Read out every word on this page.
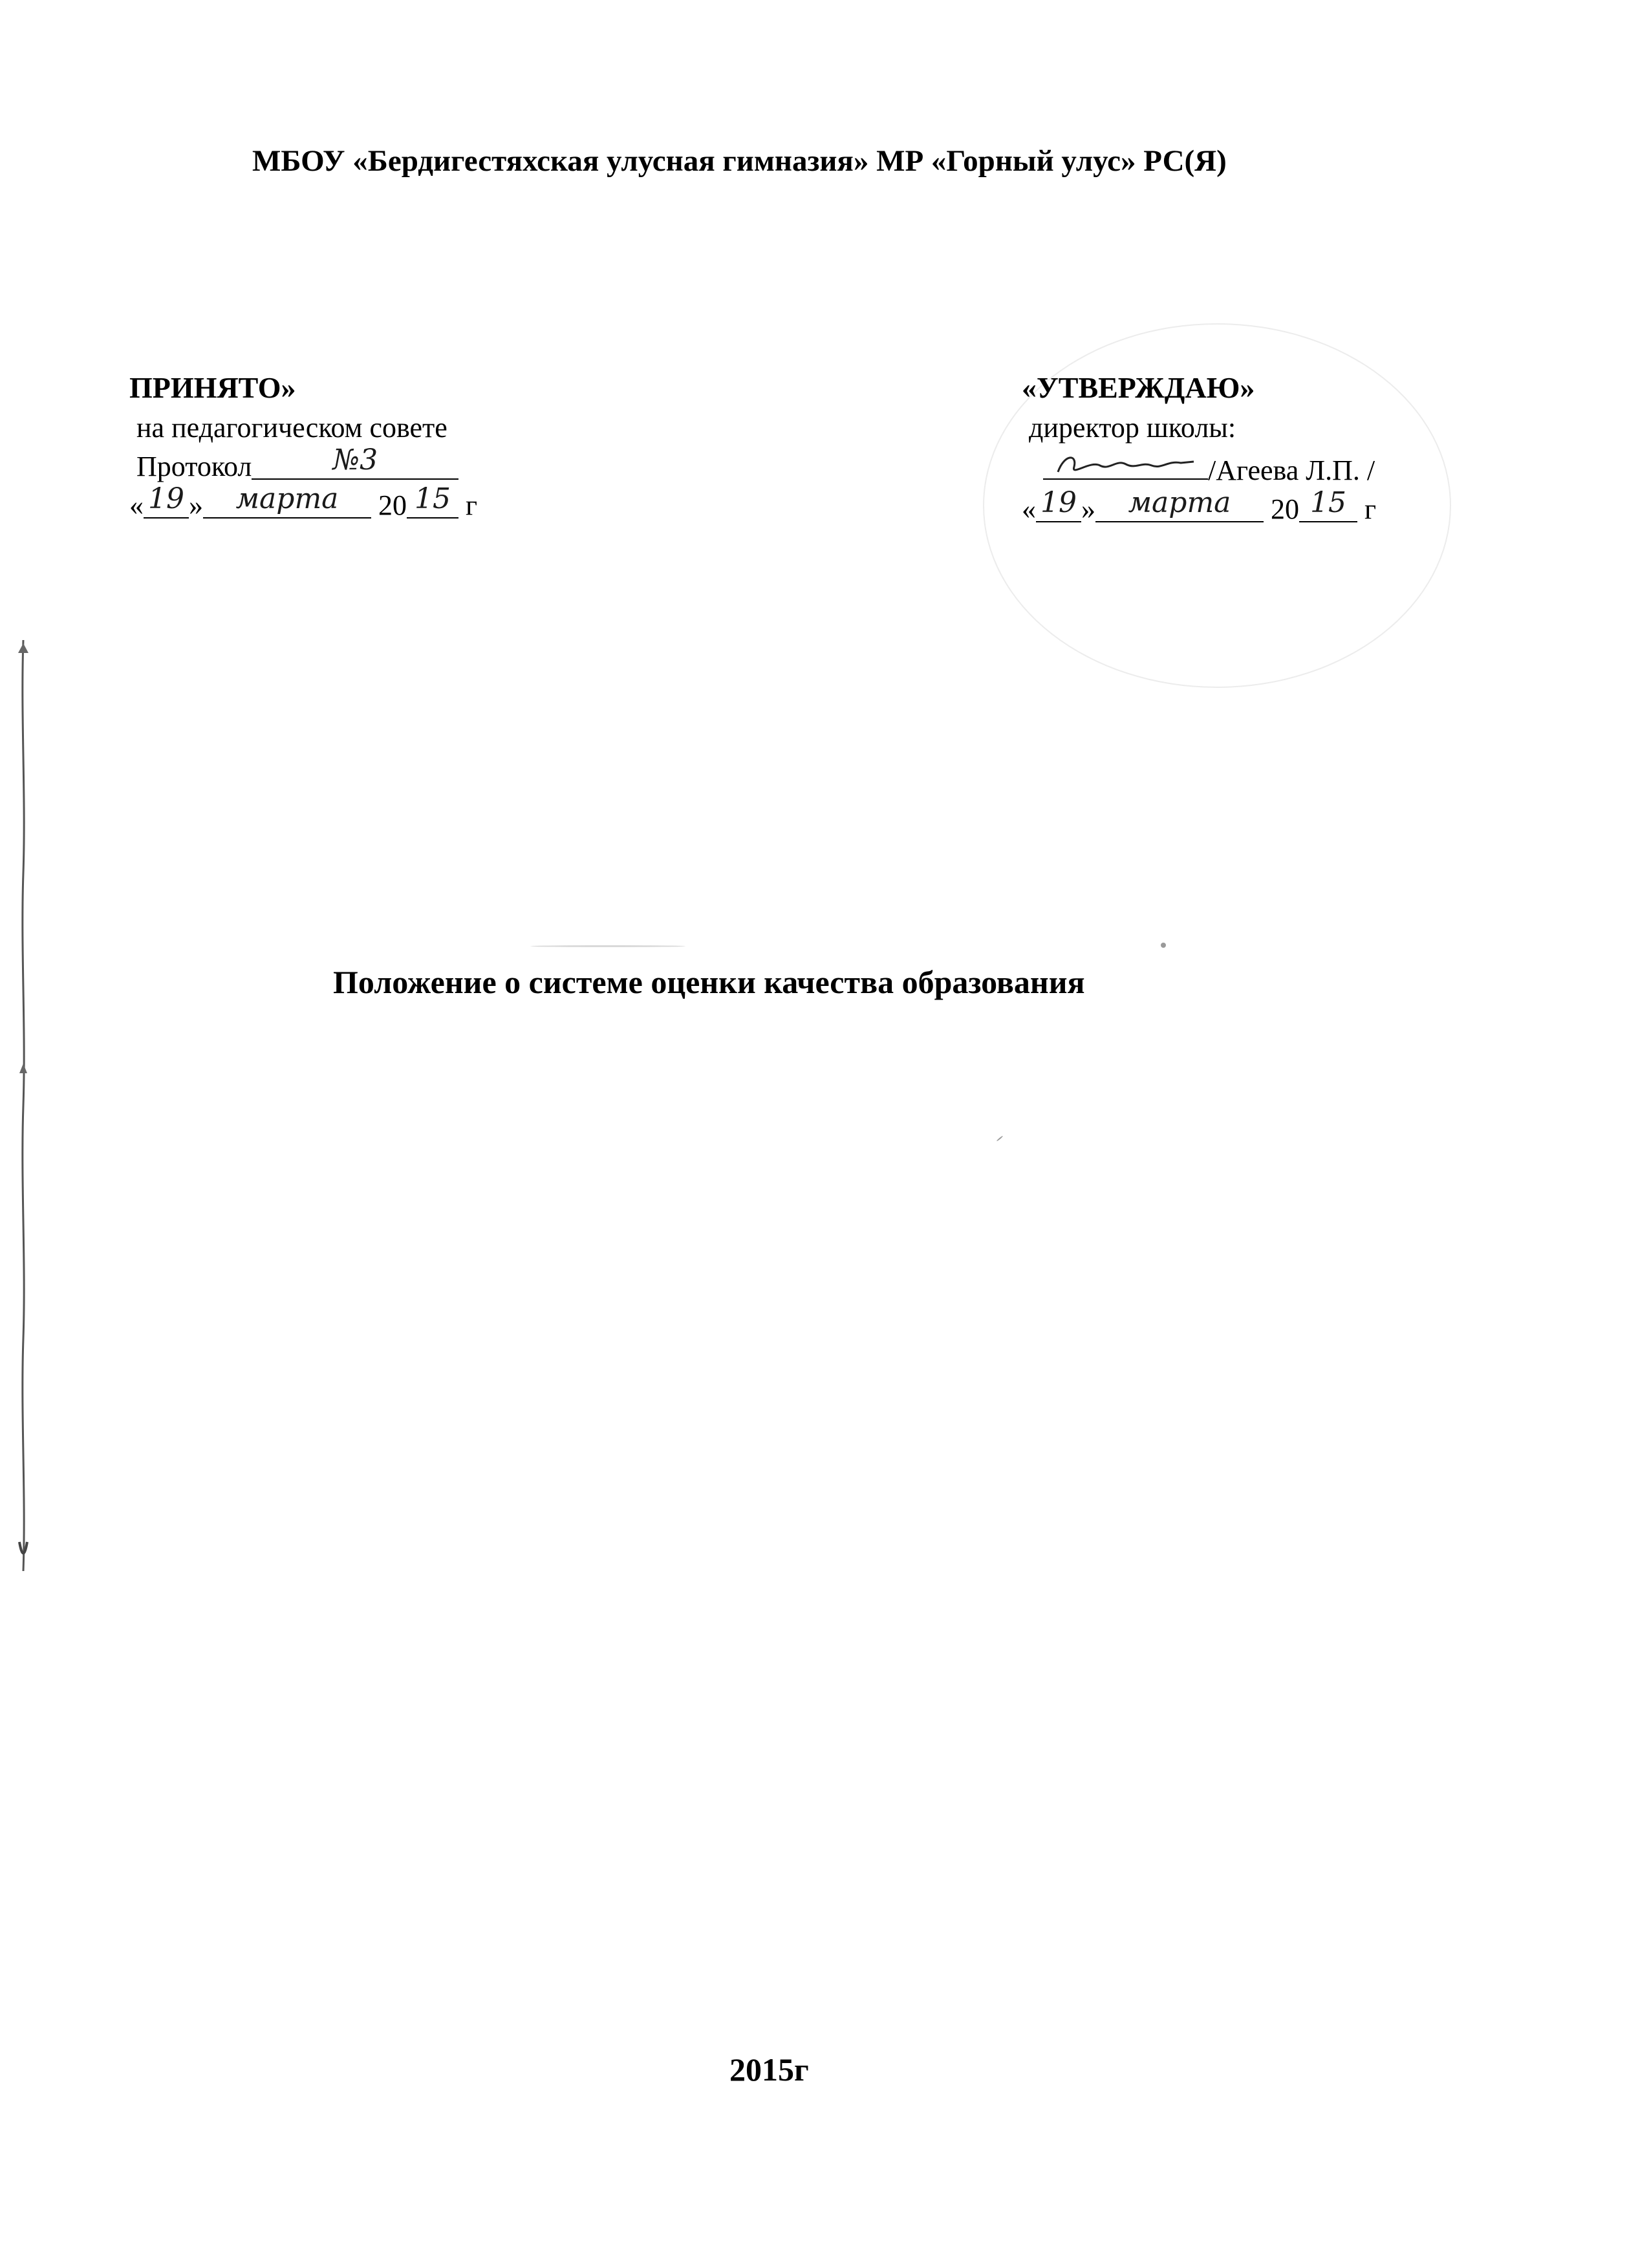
МБОУ «Бердигестяхская улусная гимназия» МР «Горный улус» РС(Я)
ПРИНЯТО»
на педагогическом совете
Протокол	№3
« 19 » марта 20 15 г
«УТВЕРЖДАЮ»
директор школы:
/Агеева Л.П. /
« 19 » марта 20 15 г
Положение о системе оценки качества образования
2015г
